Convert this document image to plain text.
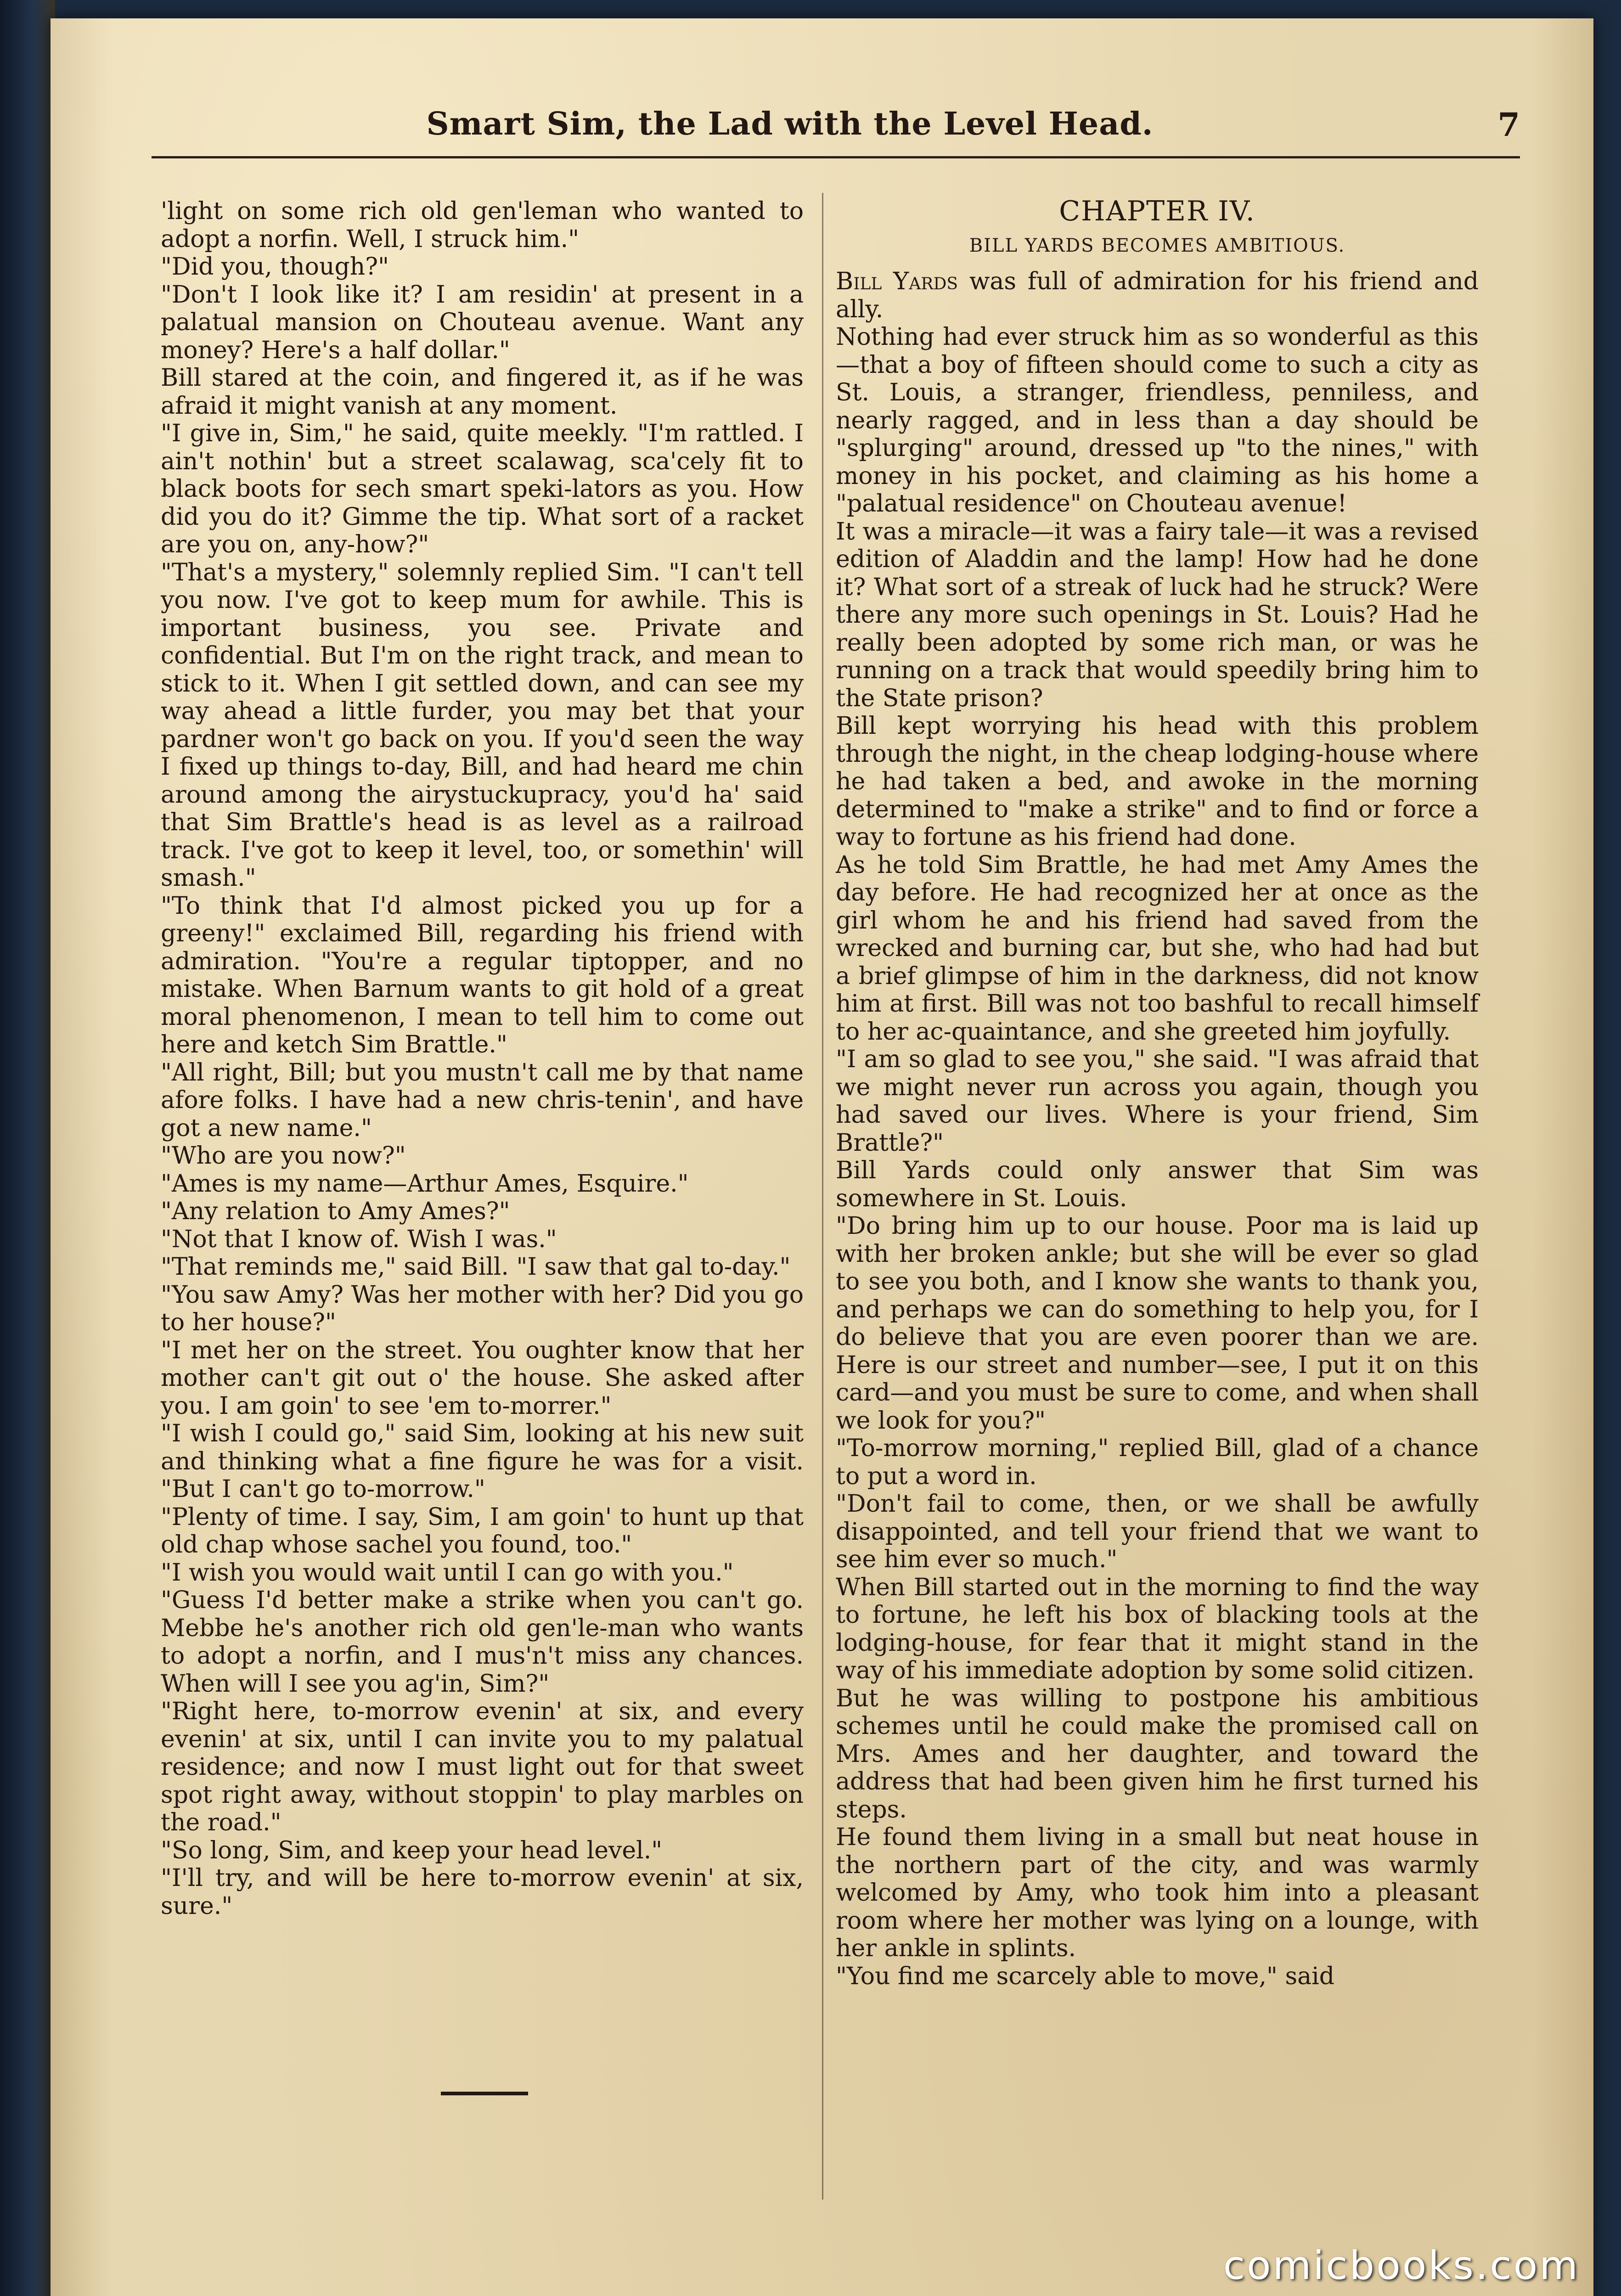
Smart Sim, the Lad with the Level Head.	7

'light on some rich old gen'leman who wanted to adopt a norfin. Well, I struck him."

"Did you, though?"

"Don't I look like it? I am residin' at present in a palatual mansion on Chouteau avenue. Want any money? Here's a half dollar."

Bill stared at the coin, and fingered it, as if he was afraid it might vanish at any moment.

"I give in, Sim," he said, quite meekly. "I'm rattled. I ain't nothin' but a street scalawag, sca'cely fit to black boots for sech smart speki-lators as you. How did you do it? Gimme the tip. What sort of a racket are you on, any-how?"

"That's a mystery," solemnly replied Sim. "I can't tell you now. I've got to keep mum for awhile. This is important business, you see. Private and confidential. But I'm on the right track, and mean to stick to it. When I git settled down, and can see my way ahead a little furder, you may bet that your pardner won't go back on you. If you'd seen the way I fixed up things to-day, Bill, and had heard me chin around among the airystuckupracy, you'd ha' said that Sim Brattle's head is as level as a railroad track. I've got to keep it level, too, or somethin' will smash."

"To think that I'd almost picked you up for a greeny!" exclaimed Bill, regarding his friend with admiration. "You're a regular tiptopper, and no mistake. When Barnum wants to git hold of a great moral phenomenon, I mean to tell him to come out here and ketch Sim Brattle."

"All right, Bill; but you mustn't call me by that name afore folks. I have had a new chris-tenin', and have got a new name."

"Who are you now?"

"Ames is my name—Arthur Ames, Esquire."

"Any relation to Amy Ames?"

"Not that I know of. Wish I was."

"That reminds me," said Bill. "I saw that gal to-day."

"You saw Amy? Was her mother with her? Did you go to her house?"

"I met her on the street. You oughter know that her mother can't git out o' the house. She asked after you. I am goin' to see 'em to-morrer."

"I wish I could go," said Sim, looking at his new suit and thinking what a fine figure he was for a visit. "But I can't go to-morrow."

"Plenty of time. I say, Sim, I am goin' to hunt up that old chap whose sachel you found, too."

"I wish you would wait until I can go with you."

"Guess I'd better make a strike when you can't go. Mebbe he's another rich old gen'le-man who wants to adopt a norfin, and I mus'n't miss any chances. When will I see you ag'in, Sim?"

"Right here, to-morrow evenin' at six, and every evenin' at six, until I can invite you to my palatual residence; and now I must light out for that sweet spot right away, without stoppin' to play marbles on the road."

"So long, Sim, and keep your head level."

"I'll try, and will be here to-morrow evenin' at six, sure."

CHAPTER IV.
BILL YARDS BECOMES AMBITIOUS.

Bill Yards was full of admiration for his friend and ally.

Nothing had ever struck him as so wonderful as this—that a boy of fifteen should come to such a city as St. Louis, a stranger, friendless, penniless, and nearly ragged, and in less than a day should be "splurging" around, dressed up "to the nines," with money in his pocket, and claiming as his home a "palatual residence" on Chouteau avenue!

It was a miracle—it was a fairy tale—it was a revised edition of Aladdin and the lamp! How had he done it? What sort of a streak of luck had he struck? Were there any more such openings in St. Louis? Had he really been adopted by some rich man, or was he running on a track that would speedily bring him to the State prison?

Bill kept worrying his head with this problem through the night, in the cheap lodging-house where he had taken a bed, and awoke in the morning determined to "make a strike" and to find or force a way to fortune as his friend had done.

As he told Sim Brattle, he had met Amy Ames the day before. He had recognized her at once as the girl whom he and his friend had saved from the wrecked and burning car, but she, who had had but a brief glimpse of him in the darkness, did not know him at first. Bill was not too bashful to recall himself to her ac-quaintance, and she greeted him joyfully.

"I am so glad to see you," she said. "I was afraid that we might never run across you again, though you had saved our lives. Where is your friend, Sim Brattle?"

Bill Yards could only answer that Sim was somewhere in St. Louis.

"Do bring him up to our house. Poor ma is laid up with her broken ankle; but she will be ever so glad to see you both, and I know she wants to thank you, and perhaps we can do something to help you, for I do believe that you are even poorer than we are. Here is our street and number—see, I put it on this card—and you must be sure to come, and when shall we look for you?"

"To-morrow morning," replied Bill, glad of a chance to put a word in.

"Don't fail to come, then, or we shall be awfully disappointed, and tell your friend that we want to see him ever so much."

When Bill started out in the morning to find the way to fortune, he left his box of blacking tools at the lodging-house, for fear that it might stand in the way of his immediate adoption by some solid citizen.

But he was willing to postpone his ambitious schemes until he could make the promised call on Mrs. Ames and her daughter, and toward the address that had been given him he first turned his steps.

He found them living in a small but neat house in the northern part of the city, and was warmly welcomed by Amy, who took him into a pleasant room where her mother was lying on a lounge, with her ankle in splints.

"You find me scarcely able to move," said

comicbooks.com
